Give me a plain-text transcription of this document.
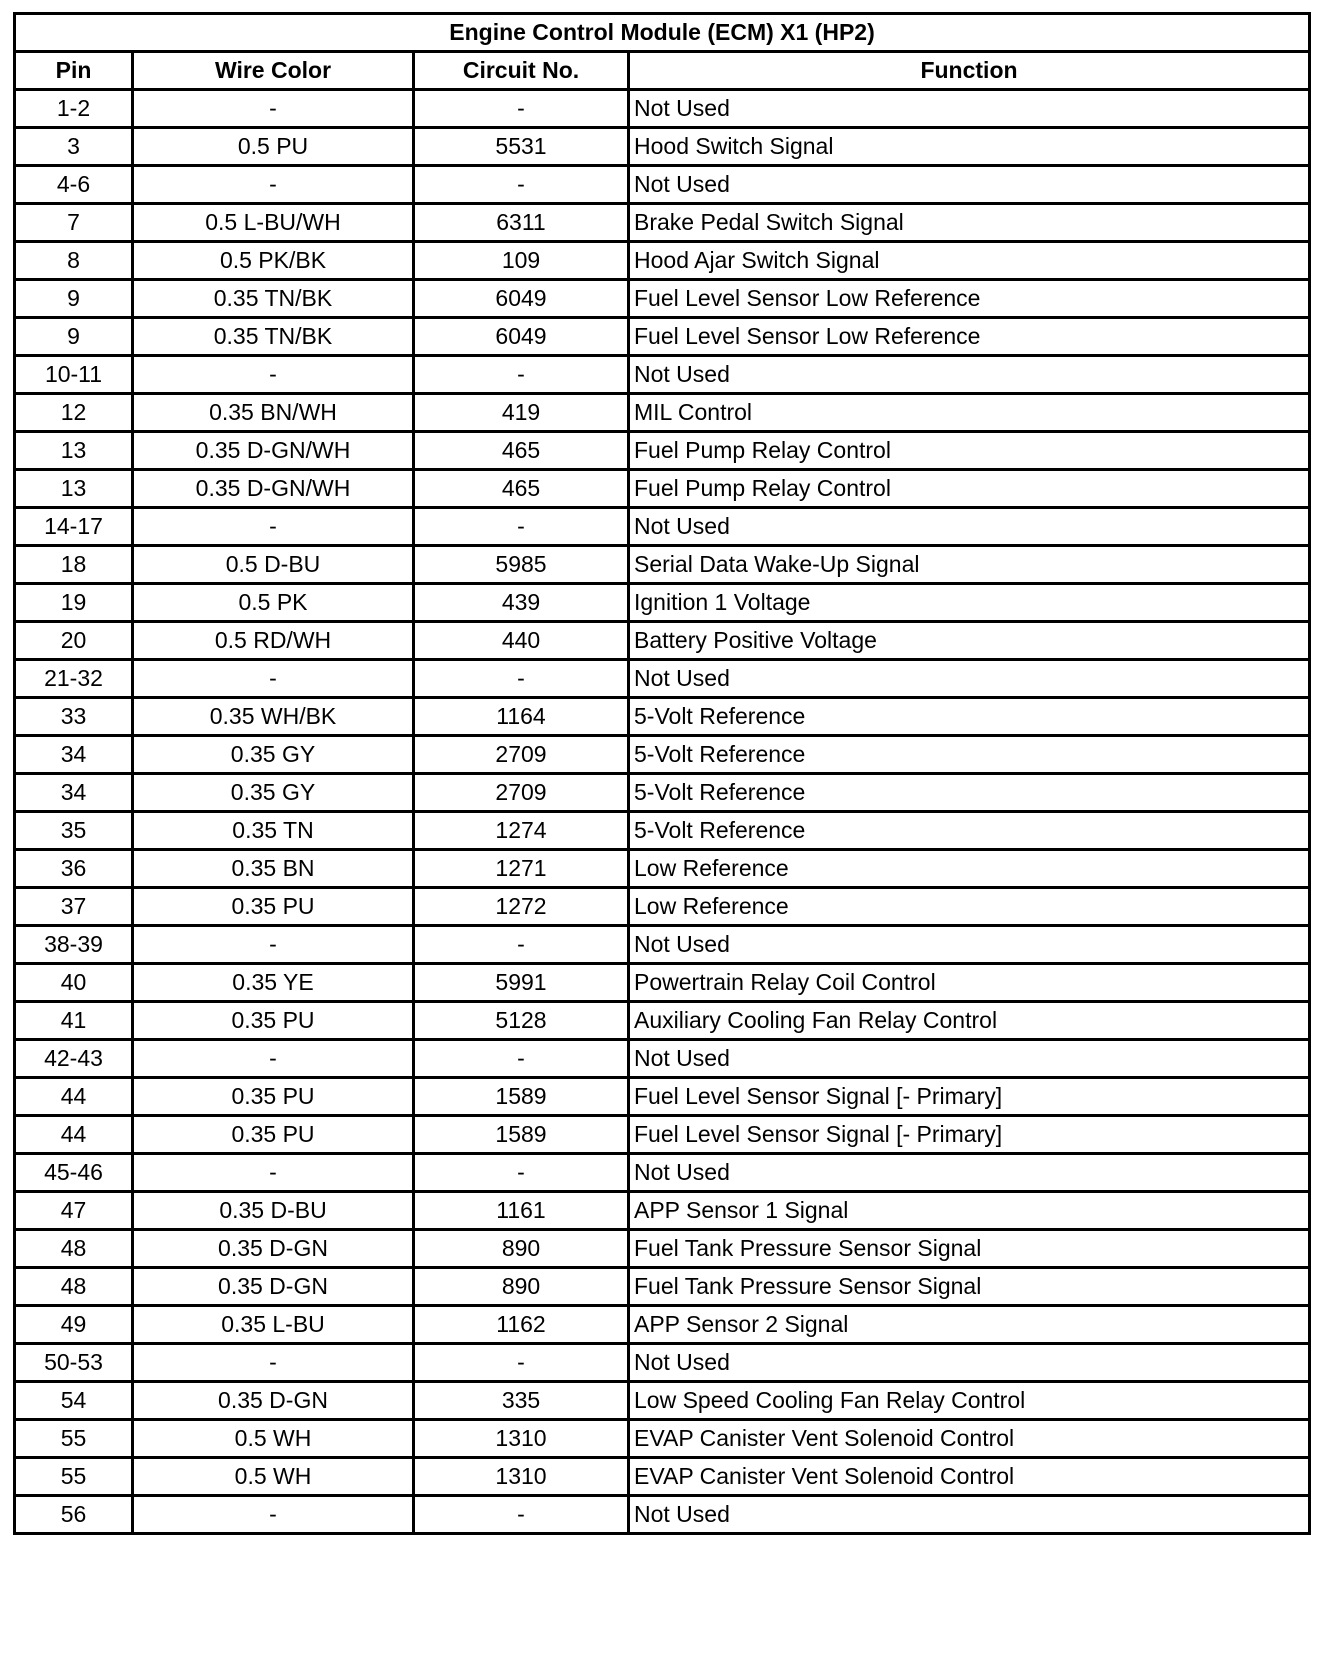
Engine Control Module (ECM) X1 (HP2)			
Pin	Wire Color	Circuit No.	Function
1-2	-	-	Not Used
3	0.5 PU	5531	Hood Switch Signal
4-6	-	-	Not Used
7	0.5 L-BU/WH	6311	Brake Pedal Switch Signal
8	0.5 PK/BK	109	Hood Ajar Switch Signal
9	0.35 TN/BK	6049	Fuel Level Sensor Low Reference
9	0.35 TN/BK	6049	Fuel Level Sensor Low Reference
10-11	-	-	Not Used
12	0.35 BN/WH	419	MIL Control
13	0.35 D-GN/WH	465	Fuel Pump Relay Control
13	0.35 D-GN/WH	465	Fuel Pump Relay Control
14-17	-	-	Not Used
18	0.5 D-BU	5985	Serial Data Wake-Up Signal
19	0.5 PK	439	Ignition 1 Voltage
20	0.5 RD/WH	440	Battery Positive Voltage
21-32	-	-	Not Used
33	0.35 WH/BK	1164	5-Volt Reference
34	0.35 GY	2709	5-Volt Reference
34	0.35 GY	2709	5-Volt Reference
35	0.35 TN	1274	5-Volt Reference
36	0.35 BN	1271	Low Reference
37	0.35 PU	1272	Low Reference
38-39	-	-	Not Used
40	0.35 YE	5991	Powertrain Relay Coil Control
41	0.35 PU	5128	Auxiliary Cooling Fan Relay Control
42-43	-	-	Not Used
44	0.35 PU	1589	Fuel Level Sensor Signal [- Primary]
44	0.35 PU	1589	Fuel Level Sensor Signal [- Primary]
45-46	-	-	Not Used
47	0.35 D-BU	1161	APP Sensor 1 Signal
48	0.35 D-GN	890	Fuel Tank Pressure Sensor Signal
48	0.35 D-GN	890	Fuel Tank Pressure Sensor Signal
49	0.35 L-BU	1162	APP Sensor 2 Signal
50-53	-	-	Not Used
54	0.35 D-GN	335	Low Speed Cooling Fan Relay Control
55	0.5 WH	1310	EVAP Canister Vent Solenoid Control
55	0.5 WH	1310	EVAP Canister Vent Solenoid Control
56	-	-	Not Used
